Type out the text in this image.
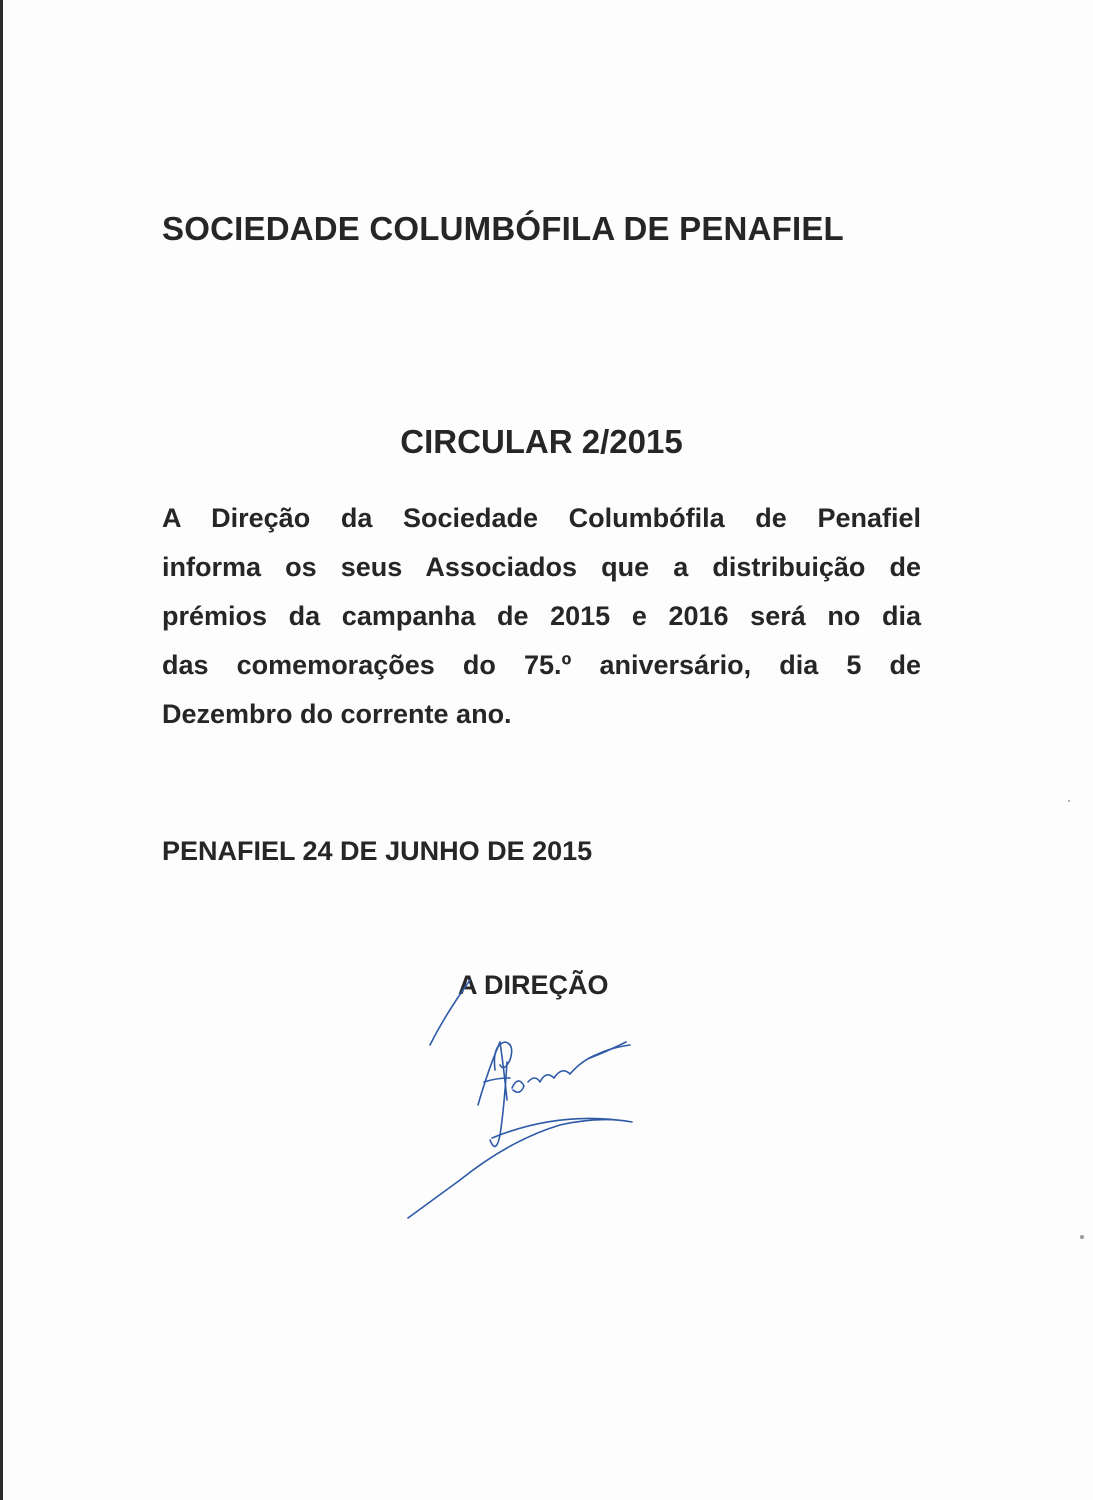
SOCIEDADE COLUMBÓFILA DE PENAFIEL
CIRCULAR 2/2015
A Direção da Sociedade Columbófila de Penafiel
informa os seus Associados que a distribuição de
prémios da campanha de 2015 e 2016 será no dia
das comemorações do 75.º aniversário, dia 5 de
Dezembro do corrente ano.
PENAFIEL 24 DE JUNHO DE 2015
A DIREÇÃO
